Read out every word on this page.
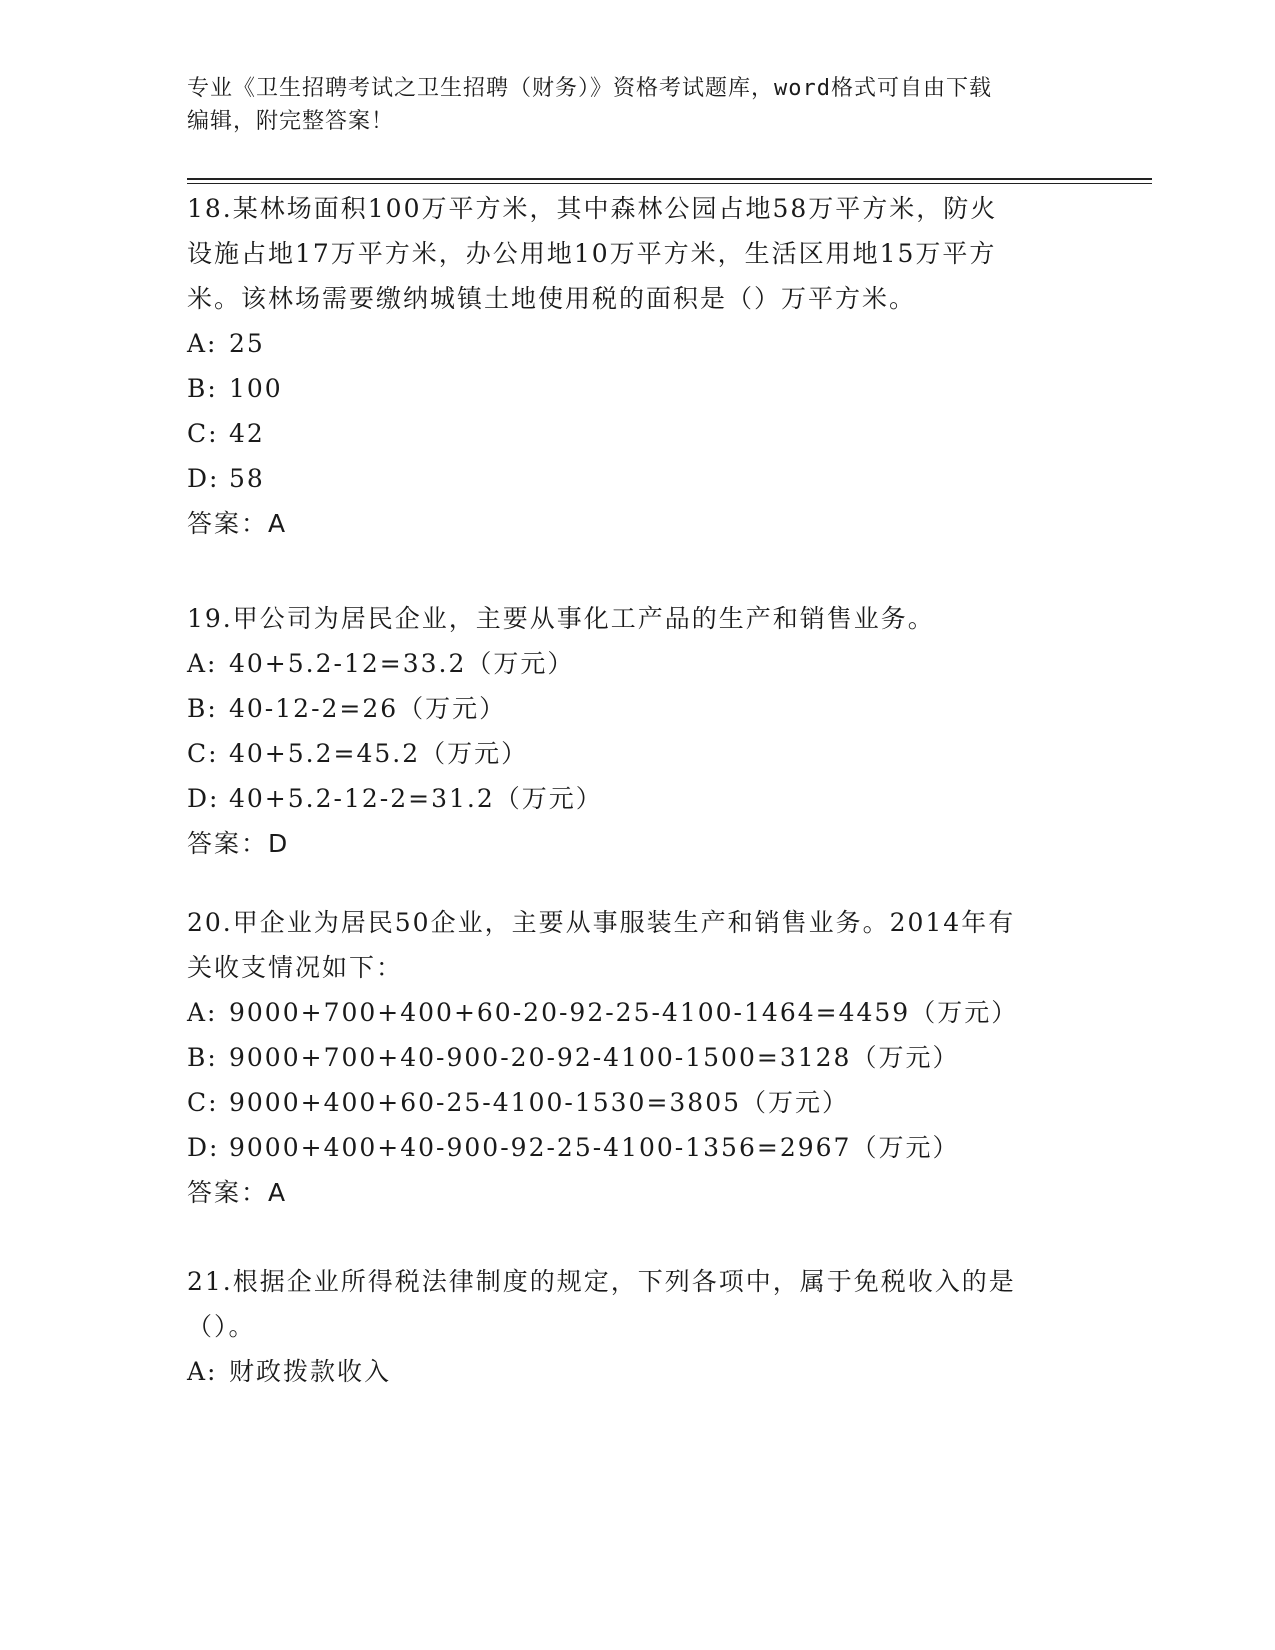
专业《卫生招聘考试之卫生招聘（财务）》资格考试题库，word格式可自由下载
编辑，附完整答案！
18.某林场面积100万平方米，其中森林公园占地58万平方米，防火
设施占地17万平方米，办公用地10万平方米，生活区用地15万平方
米。该林场需要缴纳城镇土地使用税的面积是（）万平方米。
A: 25
B: 100
C: 42
D: 58
答案：A
19.甲公司为居民企业，主要从事化工产品的生产和销售业务。
A: 40+5.2-12=33.2（万元）
B: 40-12-2=26（万元）
C: 40+5.2=45.2（万元）
D: 40+5.2-12-2=31.2（万元）
答案：D
20.甲企业为居民50企业，主要从事服装生产和销售业务。2014年有
关收支情况如下：
A: 9000+700+400+60-20-92-25-4100-1464=4459（万元）
B: 9000+700+40-900-20-92-4100-1500=3128（万元）
C: 9000+400+60-25-4100-1530=3805（万元）
D: 9000+400+40-900-92-25-4100-1356=2967（万元）
答案：A
21.根据企业所得税法律制度的规定，下列各项中，属于免税收入的是
（）。
A: 财政拨款收入
